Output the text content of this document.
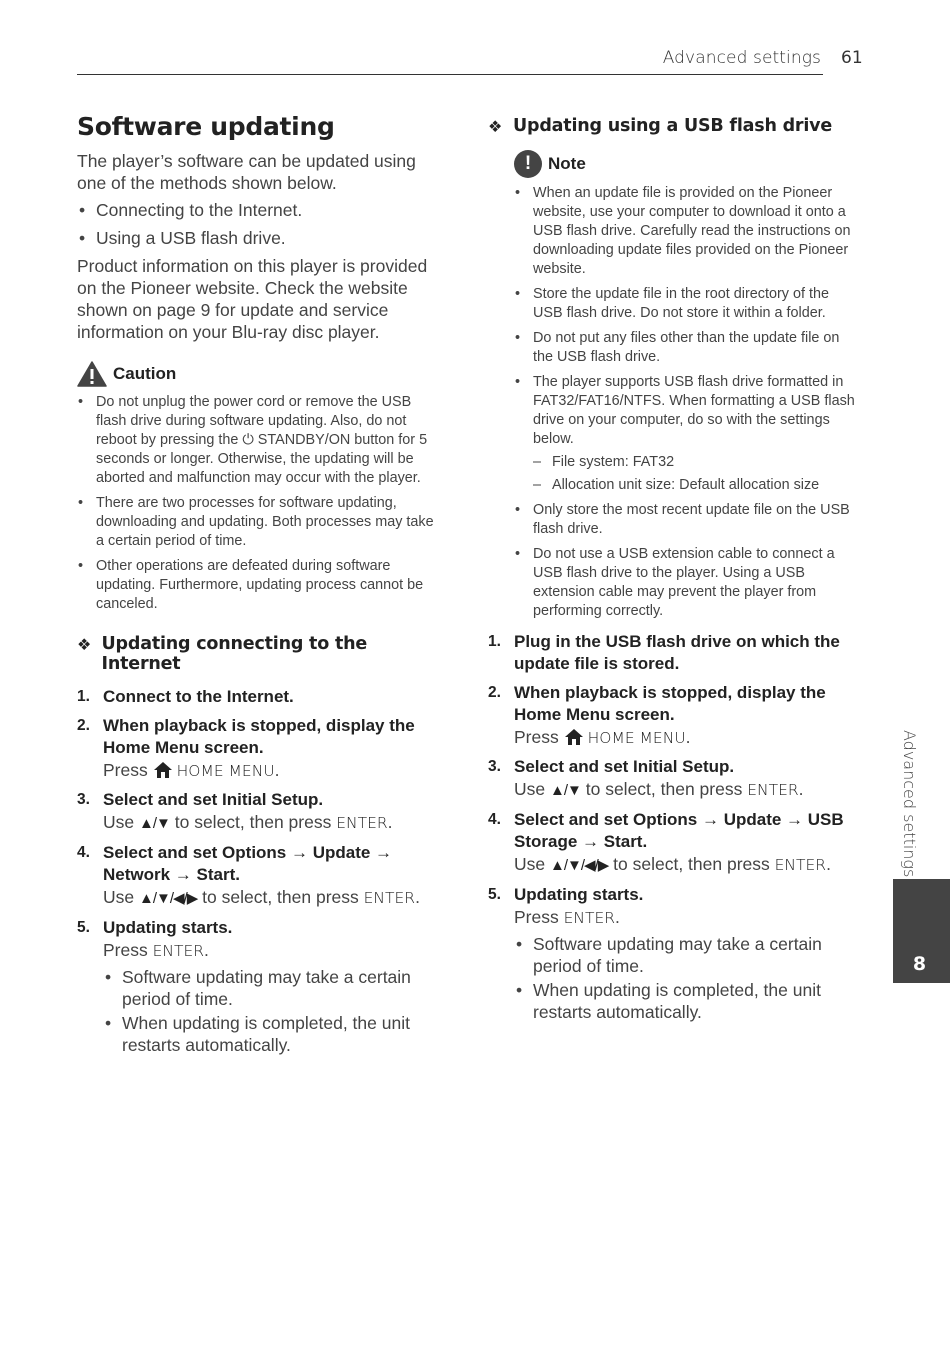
Advanced settings 61
Software updating

The player’s software can be updated using one of the methods shown below.

• Connecting to the Internet.
• Using a USB flash drive.

Product information on this player is provided on the Pioneer website. Check the website shown on page 9 for update and service information on your Blu-ray disc player.

Caution
• Do not unplug the power cord or remove the USB flash drive during software updating. Also, do not reboot by pressing the ⏻ STANDBY/ON button for 5 seconds or longer. Otherwise, the updating will be aborted and malfunction may occur with the player.
• There are two processes for software updating, downloading and updating. Both processes may take a certain period of time.
• Other operations are defeated during software updating. Furthermore, updating process cannot be canceled.
❖ Updating connecting to the Internet
1. Connect to the Internet.
2. When playback is stopped, display the Home Menu screen.
Press HOME MENU.
3. Select and set Initial Setup.
Use ▲/▼ to select, then press ENTER.
4. Select and set Options → Update → Network → Start.
Use ▲/▼/◀/▶ to select, then press ENTER.
5. Updating starts.
Press ENTER.
• Software updating may take a certain period of time.
• When updating is completed, the unit restarts automatically.
❖ Updating using a USB flash drive
! Note
• When an update file is provided on the Pioneer website, use your computer to download it onto a USB flash drive. Carefully read the instructions on downloading update files provided on the Pioneer website.
• Store the update file in the root directory of the USB flash drive. Do not store it within a folder.
• Do not put any files other than the update file on the USB flash drive.
• The player supports USB flash drive formatted in FAT32/FAT16/NTFS. When formatting a USB flash drive on your computer, do so with the settings below.
– File system: FAT32
– Allocation unit size: Default allocation size
• Only store the most recent update file on the USB flash drive.
• Do not use a USB extension cable to connect a USB flash drive to the player. Using a USB extension cable may prevent the player from performing correctly.
1. Plug in the USB flash drive on which the update file is stored.
2. When playback is stopped, display the Home Menu screen.
Press HOME MENU.
3. Select and set Initial Setup.
Use ▲/▼ to select, then press ENTER.
4. Select and set Options → Update → USB Storage → Start.
Use ▲/▼/◀/▶ to select, then press ENTER.
5. Updating starts.
Press ENTER.
• Software updating may take a certain period of time.
• When updating is completed, the unit restarts automatically.
Advanced settings
8
